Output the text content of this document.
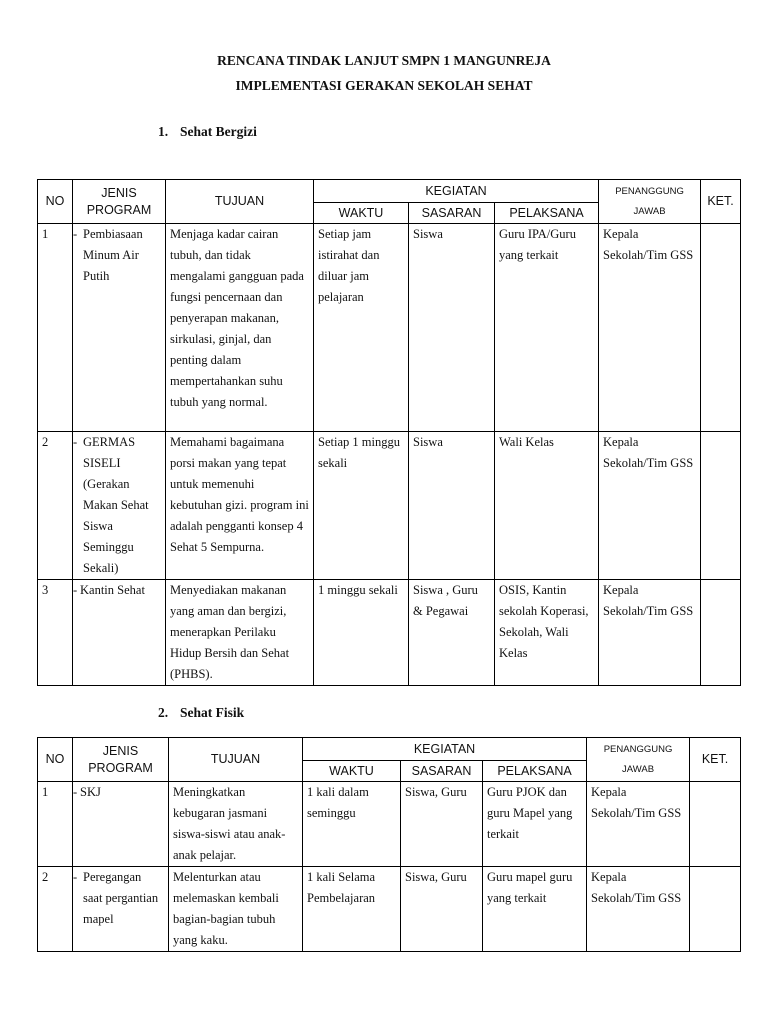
RENCANA TINDAK LANJUT SMPN 1 MANGUNREJA
IMPLEMENTASI GERAKAN SEKOLAH SEHAT
1. Sehat Bergizi
NO	JENIS PROGRAM	TUJUAN	KEGIATAN			PENANGGUNG JAWAB	KET.
			WAKTU	SASARAN	PELAKSANA		
1	- Pembiasaan Minum Air Putih	Menjaga kadar cairan tubuh, dan tidak mengalami gangguan pada fungsi pencernaan dan penyerapan makanan, sirkulasi, ginjal, dan penting dalam mempertahankan suhu tubuh yang normal.	Setiap jam istirahat dan diluar jam pelajaran	Siswa	Guru IPA/Guru yang terkait	Kepala Sekolah/Tim GSS	
2	- GERMAS SISELI (Gerakan Makan Sehat Siswa Seminggu Sekali)	Memahami bagaimana porsi makan yang tepat untuk memenuhi kebutuhan gizi. program ini adalah pengganti konsep 4 Sehat 5 Sempurna.	Setiap 1 minggu sekali	Siswa	Wali Kelas	Kepala Sekolah/Tim GSS	
3	- Kantin Sehat	Menyediakan makanan yang aman dan bergizi, menerapkan Perilaku Hidup Bersih dan Sehat (PHBS).	1 minggu sekali	Siswa , Guru & Pegawai	OSIS, Kantin sekolah Koperasi, Sekolah, Wali Kelas	Kepala Sekolah/Tim GSS	
2. Sehat Fisik
NO	JENIS PROGRAM	TUJUAN	KEGIATAN			PENANGGUNG JAWAB	KET.
			WAKTU	SASARAN	PELAKSANA		
1	- SKJ	Meningkatkan kebugaran jasmani siswa-siswi atau anak-anak pelajar.	1 kali dalam seminggu	Siswa, Guru	Guru PJOK dan guru Mapel yang terkait	Kepala Sekolah/Tim GSS	
2	- Peregangan saat pergantian mapel	Melenturkan atau melemaskan kembali bagian-bagian tubuh yang kaku.	1 kali Selama Pembelajaran	Siswa, Guru	Guru mapel guru yang terkait	Kepala Sekolah/Tim GSS	
